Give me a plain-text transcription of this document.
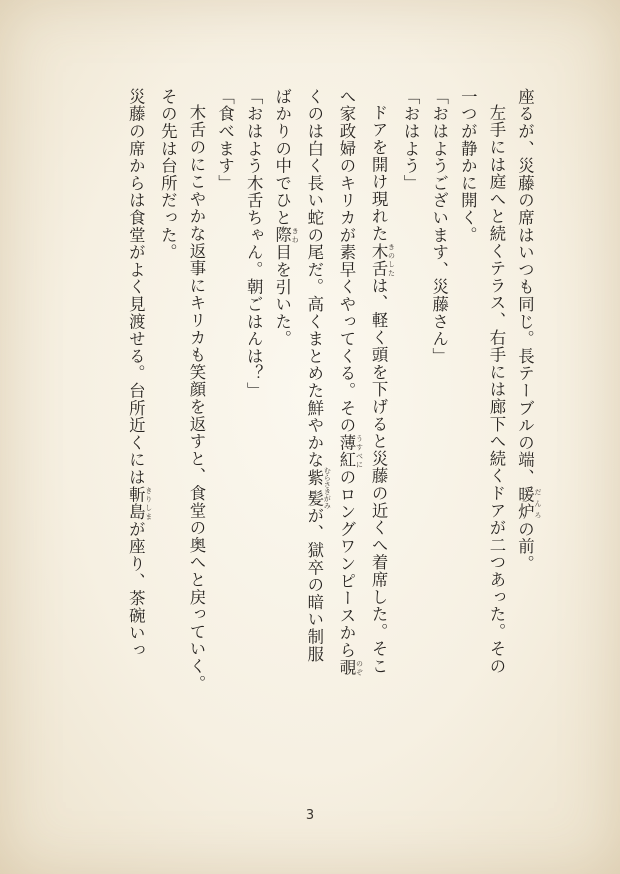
座るが、災藤の席はいつも同じ。長テーブルの端、暖炉 だんろの前。

左手には庭へと続くテラス、右手には廊下へ続くドアが二つあった。その

一つが静かに開く。

「おはようございます、災藤さん」

「おはよう」

ドアを開け現れた木舌 きのしたは、軽く頭を下げると災藤の近くへ着席した。そこ

へ家政婦のキリカが素早くやってくる。その薄紅 うすべにのロングワンピースから覗 のぞ

くのは白く長い蛇の尾だ。高くまとめた鮮やかな紫髪 むらさきがみが、獄卒の暗い制服

ばかりの中でひと際 きわ目を引いた。

「おはよう木舌ちゃん。朝ごはんは？」

「食べます」

木舌のにこやかな返事にキリカも笑顔を返すと、食堂の奥へと戻っていく。

その先は台所だった。

災藤の席からは食堂がよく見渡せる。台所近くには斬島 きりしまが座り、茶碗いっ

3
